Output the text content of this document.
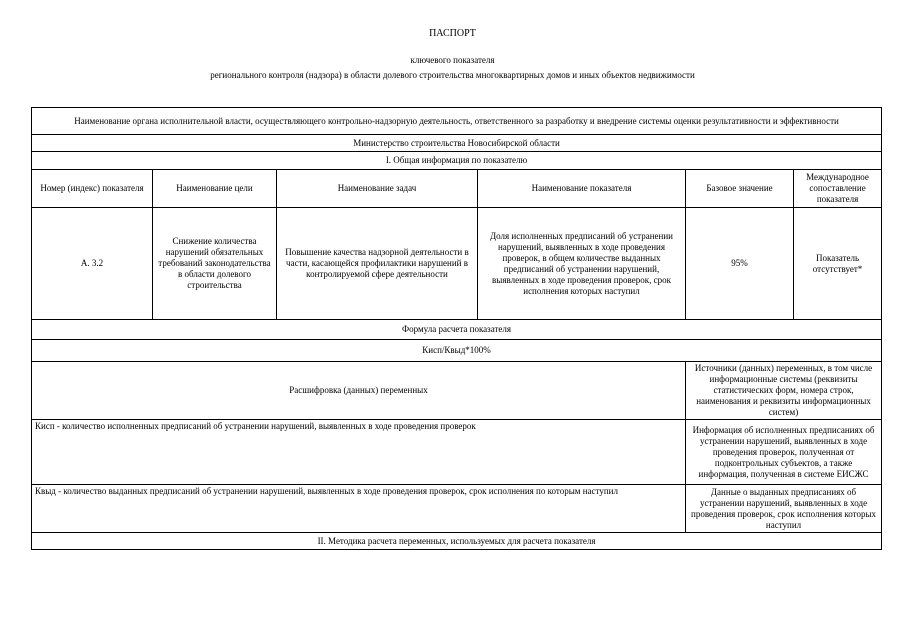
ПАСПОРТ
ключевого показателя
регионального контроля (надзора) в области долевого строительства многоквартирных домов и иных объектов недвижимости
Наименование органа исполнительной власти, осуществляющего контрольно-надзорную деятельность, ответственного за разработку и внедрение системы оценки результативности и эффективности					
Министерство строительства Новосибирской области					
I. Общая информация по показателю					
Номер (индекс) показателя	Наименование цели	Наименование задач	Наименование показателя	Базовое значение	Международное сопоставление показателя
А. 3.2	Снижение количества нарушений обязательных требований законодательства в области долевого строительства	Повышение качества надзорной деятельности в части, касающейся профилактики нарушений в контролируемой сфере деятельности	Доля исполненных предписаний об устранении нарушений, выявленных в ходе проведения проверок, в общем количестве выданных предписаний об устранении нарушений, выявленных в ходе проведения проверок, срок исполнения которых наступил	95%	Показатель отсутствует*
Формула расчета показателя					
Кисп/Квыд*100%					
Расшифровка (данных) переменных				Источники (данных) переменных, в том числе информационные системы (реквизиты статистических форм, номера строк, наименования и реквизиты информационных систем)	
Кисп - количество исполненных предписаний об устранении нарушений, выявленных в ходе проведения проверок				Информация об исполненных предписаниях об устранении нарушений, выявленных в ходе проведения проверок, полученная от подконтрольных субъектов, а также информация, полученная в системе ЕИСЖС	
Квыд - количество выданных предписаний об устранении нарушений, выявленных в ходе проведения проверок, срок исполнения по которым наступил				Данные о выданных предписаниях об устранении нарушений, выявленных в ходе проведения проверок, срок исполнения которых наступил	
II. Методика расчета переменных, используемых для расчета показателя					
